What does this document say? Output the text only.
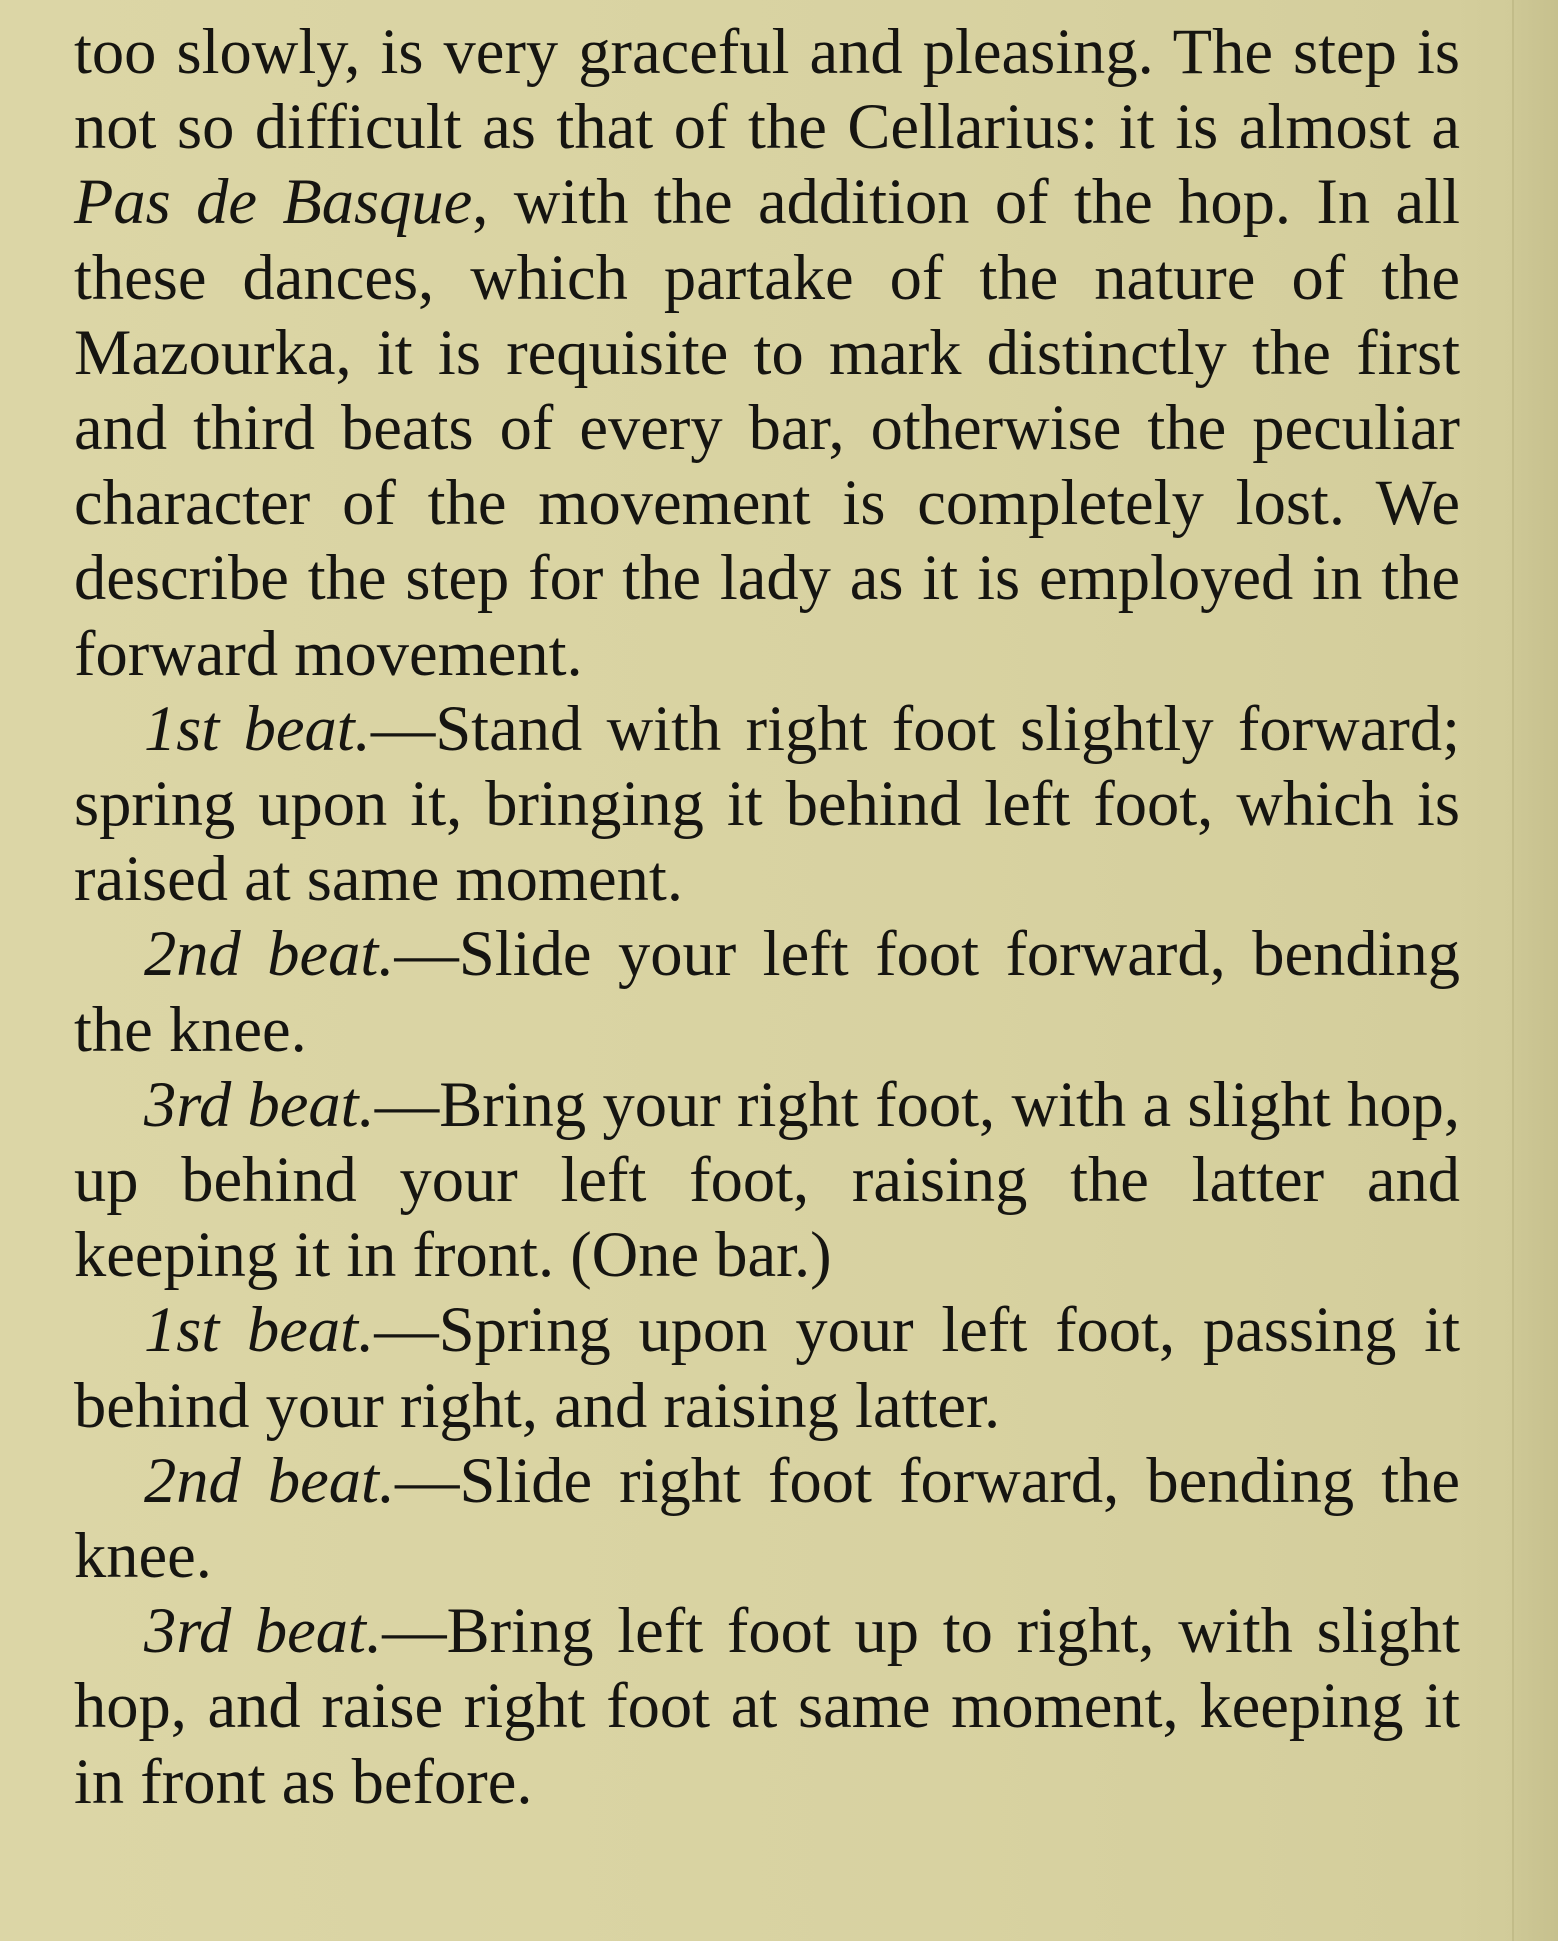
too slowly, is very graceful and pleasing. The step is not so difficult as that of the Cellarius: it is almost a Pas de Basque, with the addition of the hop. In all these dances, which partake of the nature of the Mazourka, it is requisite to mark distinctly the first and third beats of every bar, otherwise the peculiar character of the movement is completely lost. We describe the step for the lady as it is employed in the forward movement.

1st beat.—Stand with right foot slightly forward; spring upon it, bringing it behind left foot, which is raised at same moment.

2nd beat.—Slide your left foot forward, bending the knee.

3rd beat.—Bring your right foot, with a slight hop, up behind your left foot, raising the latter and keeping it in front. (One bar.)

1st beat.—Spring upon your left foot, passing it behind your right, and raising latter.

2nd beat.—Slide right foot forward, bending the knee.

3rd beat.—Bring left foot up to right, with slight hop, and raise right foot at same moment, keeping it in front as before.
